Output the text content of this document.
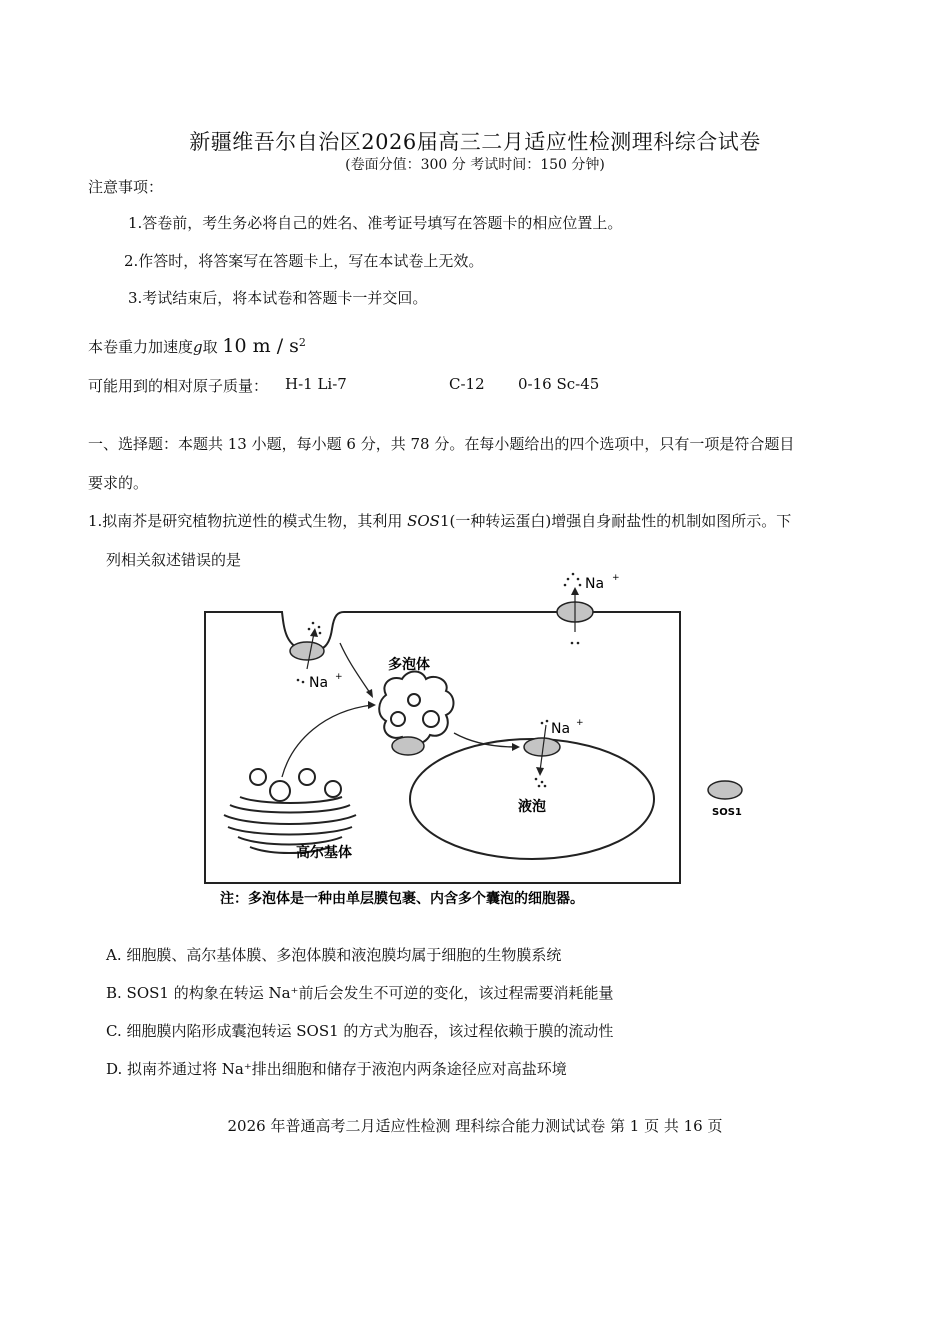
新疆维吾尔自治区2026届高三二月适应性检测理科综合试卷
(卷面分值：300 分 考试时间：150 分钟)
注意事项：
1.答卷前，考生务必将自己的姓名、准考证号填写在答题卡的相应位置上。
2.作答时，将答案写在答题卡上，写在本试卷上无效。
3.考试结束后，将本试卷和答题卡一并交回。
本卷重力加速度g取 10 m / $s^2$
可能用到的相对原子质量： H-1 Li-7	C-12 0-16 Sc-45
一、选择题：本题共 13 小题，每小题 6 分，共 78 分。在每小题给出的四个选项中，只有一项是符合题目
要求的。
1.拟南芥是研究植物抗逆性的模式生物，其利用 SOS1(一种转运蛋白)增强自身耐盐性的机制如图所示。下
列相关叙述错误的是
Na +
Na +
多泡体
Na +
液泡
高尔基体
SOS1
注：多泡体是一种由单层膜包裹、内含多个囊泡的细胞器。
A. 细胞膜、高尔基体膜、多泡体膜和液泡膜均属于细胞的生物膜系统
B. SOS1 的构象在转运 Na⁺前后会发生不可逆的变化，该过程需要消耗能量
C. 细胞膜内陷形成囊泡转运 SOS1 的方式为胞吞，该过程依赖于膜的流动性
D. 拟南芥通过将 Na⁺排出细胞和储存于液泡内两条途径应对高盐环境
2026 年普通高考二月适应性检测 理科综合能力测试试卷 第 1 页 共 16 页
